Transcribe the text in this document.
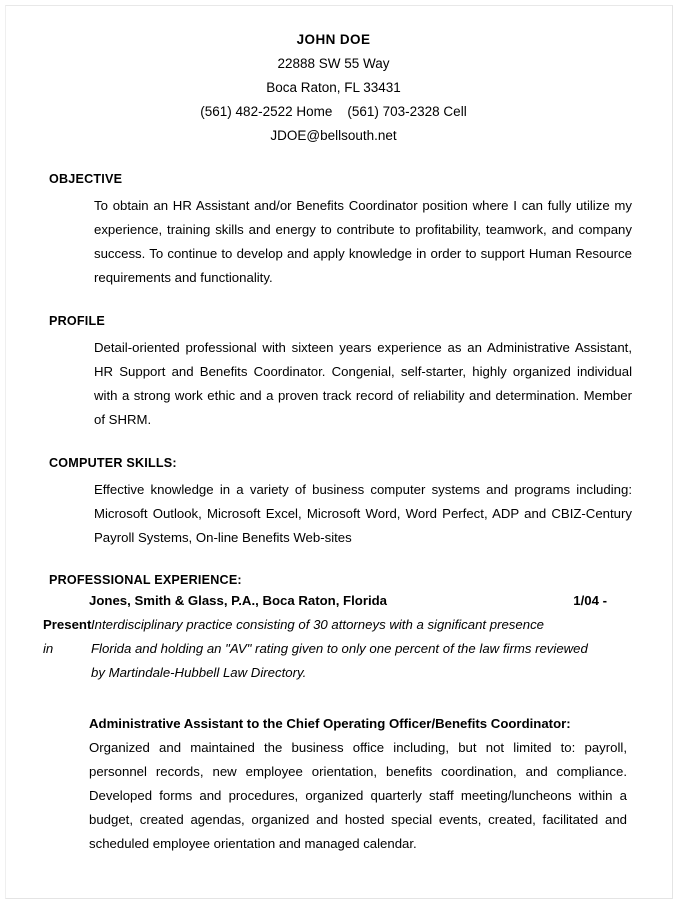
JOHN DOE
22888 SW 55 Way
Boca Raton, FL 33431
(561) 482-2522 Home    (561) 703-2328 Cell
JDOE@bellsouth.net
OBJECTIVE
To obtain an HR Assistant and/or Benefits Coordinator position where I can fully utilize my experience, training skills and energy to contribute to profitability, teamwork, and company success. To continue to develop and apply knowledge in order to support Human Resource requirements and functionality.
PROFILE
Detail-oriented professional with sixteen years experience as an Administrative Assistant, HR Support and Benefits Coordinator. Congenial, self-starter, highly organized individual with a strong work ethic and a proven track record of reliability and determination. Member of SHRM.
COMPUTER SKILLS:
Effective knowledge in a variety of business computer systems and programs including: Microsoft Outlook, Microsoft Excel, Microsoft Word, Word Perfect, ADP and CBIZ-Century Payroll Systems, On-line Benefits Web-sites
PROFESSIONAL EXPERIENCE:
Jones, Smith & Glass, P.A., Boca Raton, Florida	1/04 -
Present Interdisciplinary practice consisting of 30 attorneys with a significant presence
in	Florida and holding an "AV" rating given to only one percent of the law firms reviewed
by Martindale-Hubbell Law Directory.
Administrative Assistant to the Chief Operating Officer/Benefits Coordinator:
Organized and maintained the business office including, but not limited to: payroll, personnel records, new employee orientation, benefits coordination, and compliance. Developed forms and procedures, organized quarterly staff meeting/luncheons within a budget, created agendas, organized and hosted special events, created, facilitated and scheduled employee orientation and managed calendar.
